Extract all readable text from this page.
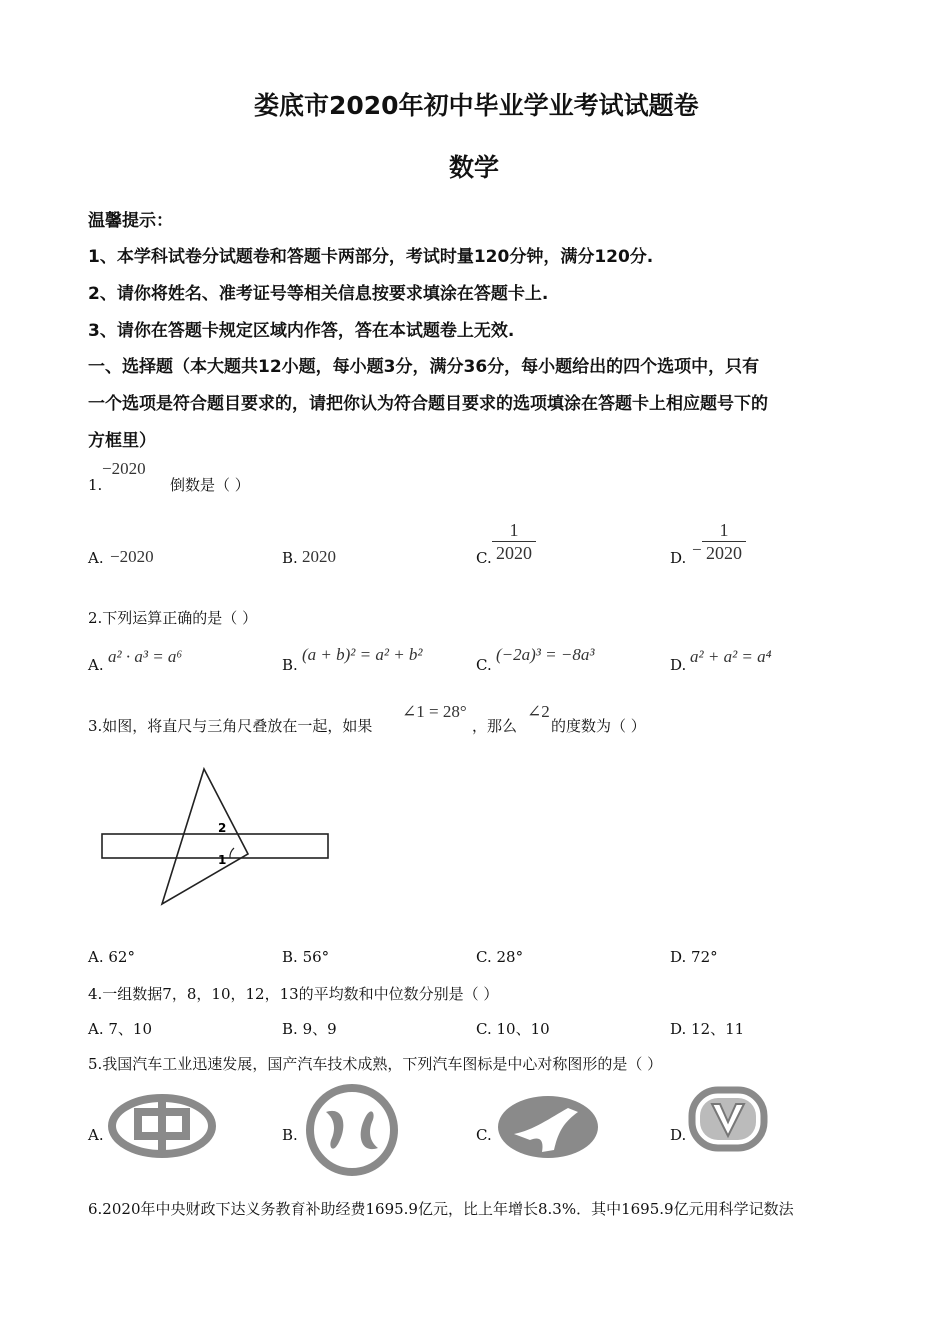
娄底市2020年初中毕业学业考试试题卷
数学
温馨提示：
1、本学科试卷分试题卷和答题卡两部分，考试时量120分钟，满分120分.
2、请你将姓名、准考证号等相关信息按要求填涂在答题卡上.
3、请你在答题卡规定区域内作答，答在本试题卷上无效.
一、选择题（本大题共12小题，每小题3分，满分36分，每小题给出的四个选项中，只有
一个选项是符合题目要求的，请把你认为符合题目要求的选项填涂在答题卡上相应题号下的
方框里）
1.
−2020
倒数是（ ）
A. −2020	B. 2020	C. $\frac{1}{2020}$	D. − $\frac{1}{2020}$
2.下列运算正确的是（ ）
A. a² · a³ = a⁶	B.
(a + b)² = a² + b²
C.
(−2a)³ = −8a³
D. a² + a² = a⁴
3.如图，将直尺与三角尺叠放在一起，如果
∠1 = 28°
，那么
∠2
的度数为（ ）
1
2
A. 62°	B. 56°	C. 28°	D. 72°
4.一组数据7，8，10，12，13的平均数和中位数分别是（ ）
A. 7、10	B. 9、9	C. 10、10	D. 12、11
5.我国汽车工业迅速发展，国产汽车技术成熟，下列汽车图标是中心对称图形的是（ ）
A.	B.	C.	D.
6.2020年中央财政下达义务教育补助经费1695.9亿元，比上年增长8.3%．其中1695.9亿元用科学记数法
